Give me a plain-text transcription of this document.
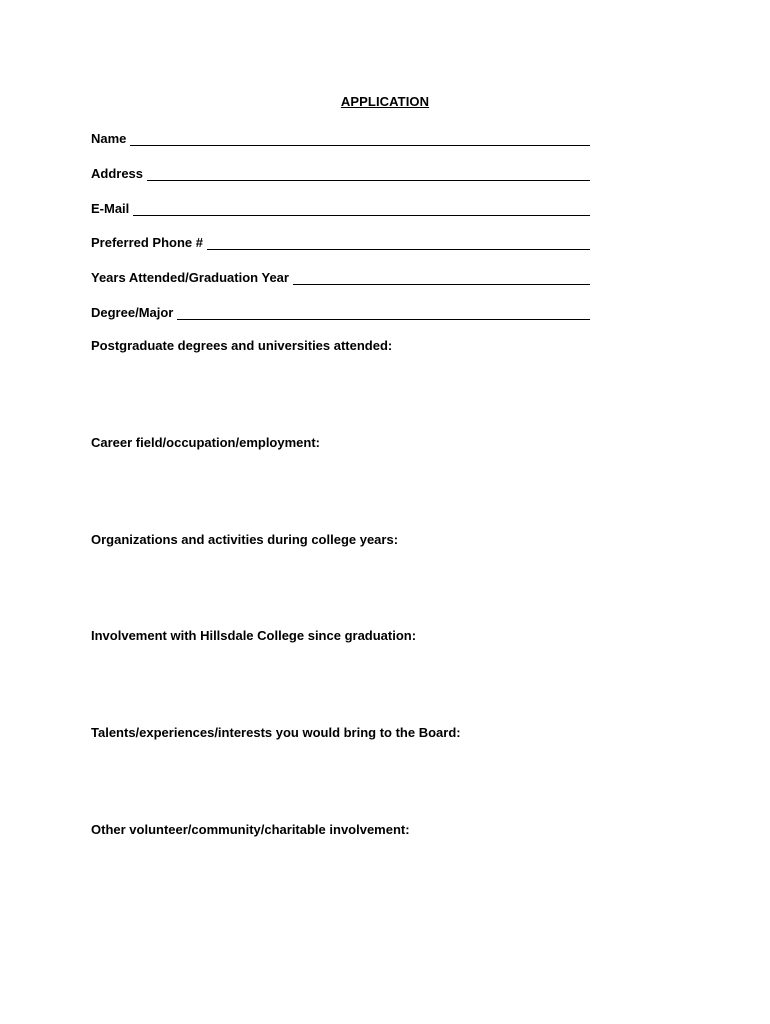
APPLICATION
Name
Address
E-Mail
Preferred Phone #
Years Attended/Graduation Year
Degree/Major
Postgraduate degrees and universities attended:
Career field/occupation/employment:
Organizations and activities during college years:
Involvement with Hillsdale College since graduation:
Talents/experiences/interests you would bring to the Board:
Other volunteer/community/charitable involvement:
